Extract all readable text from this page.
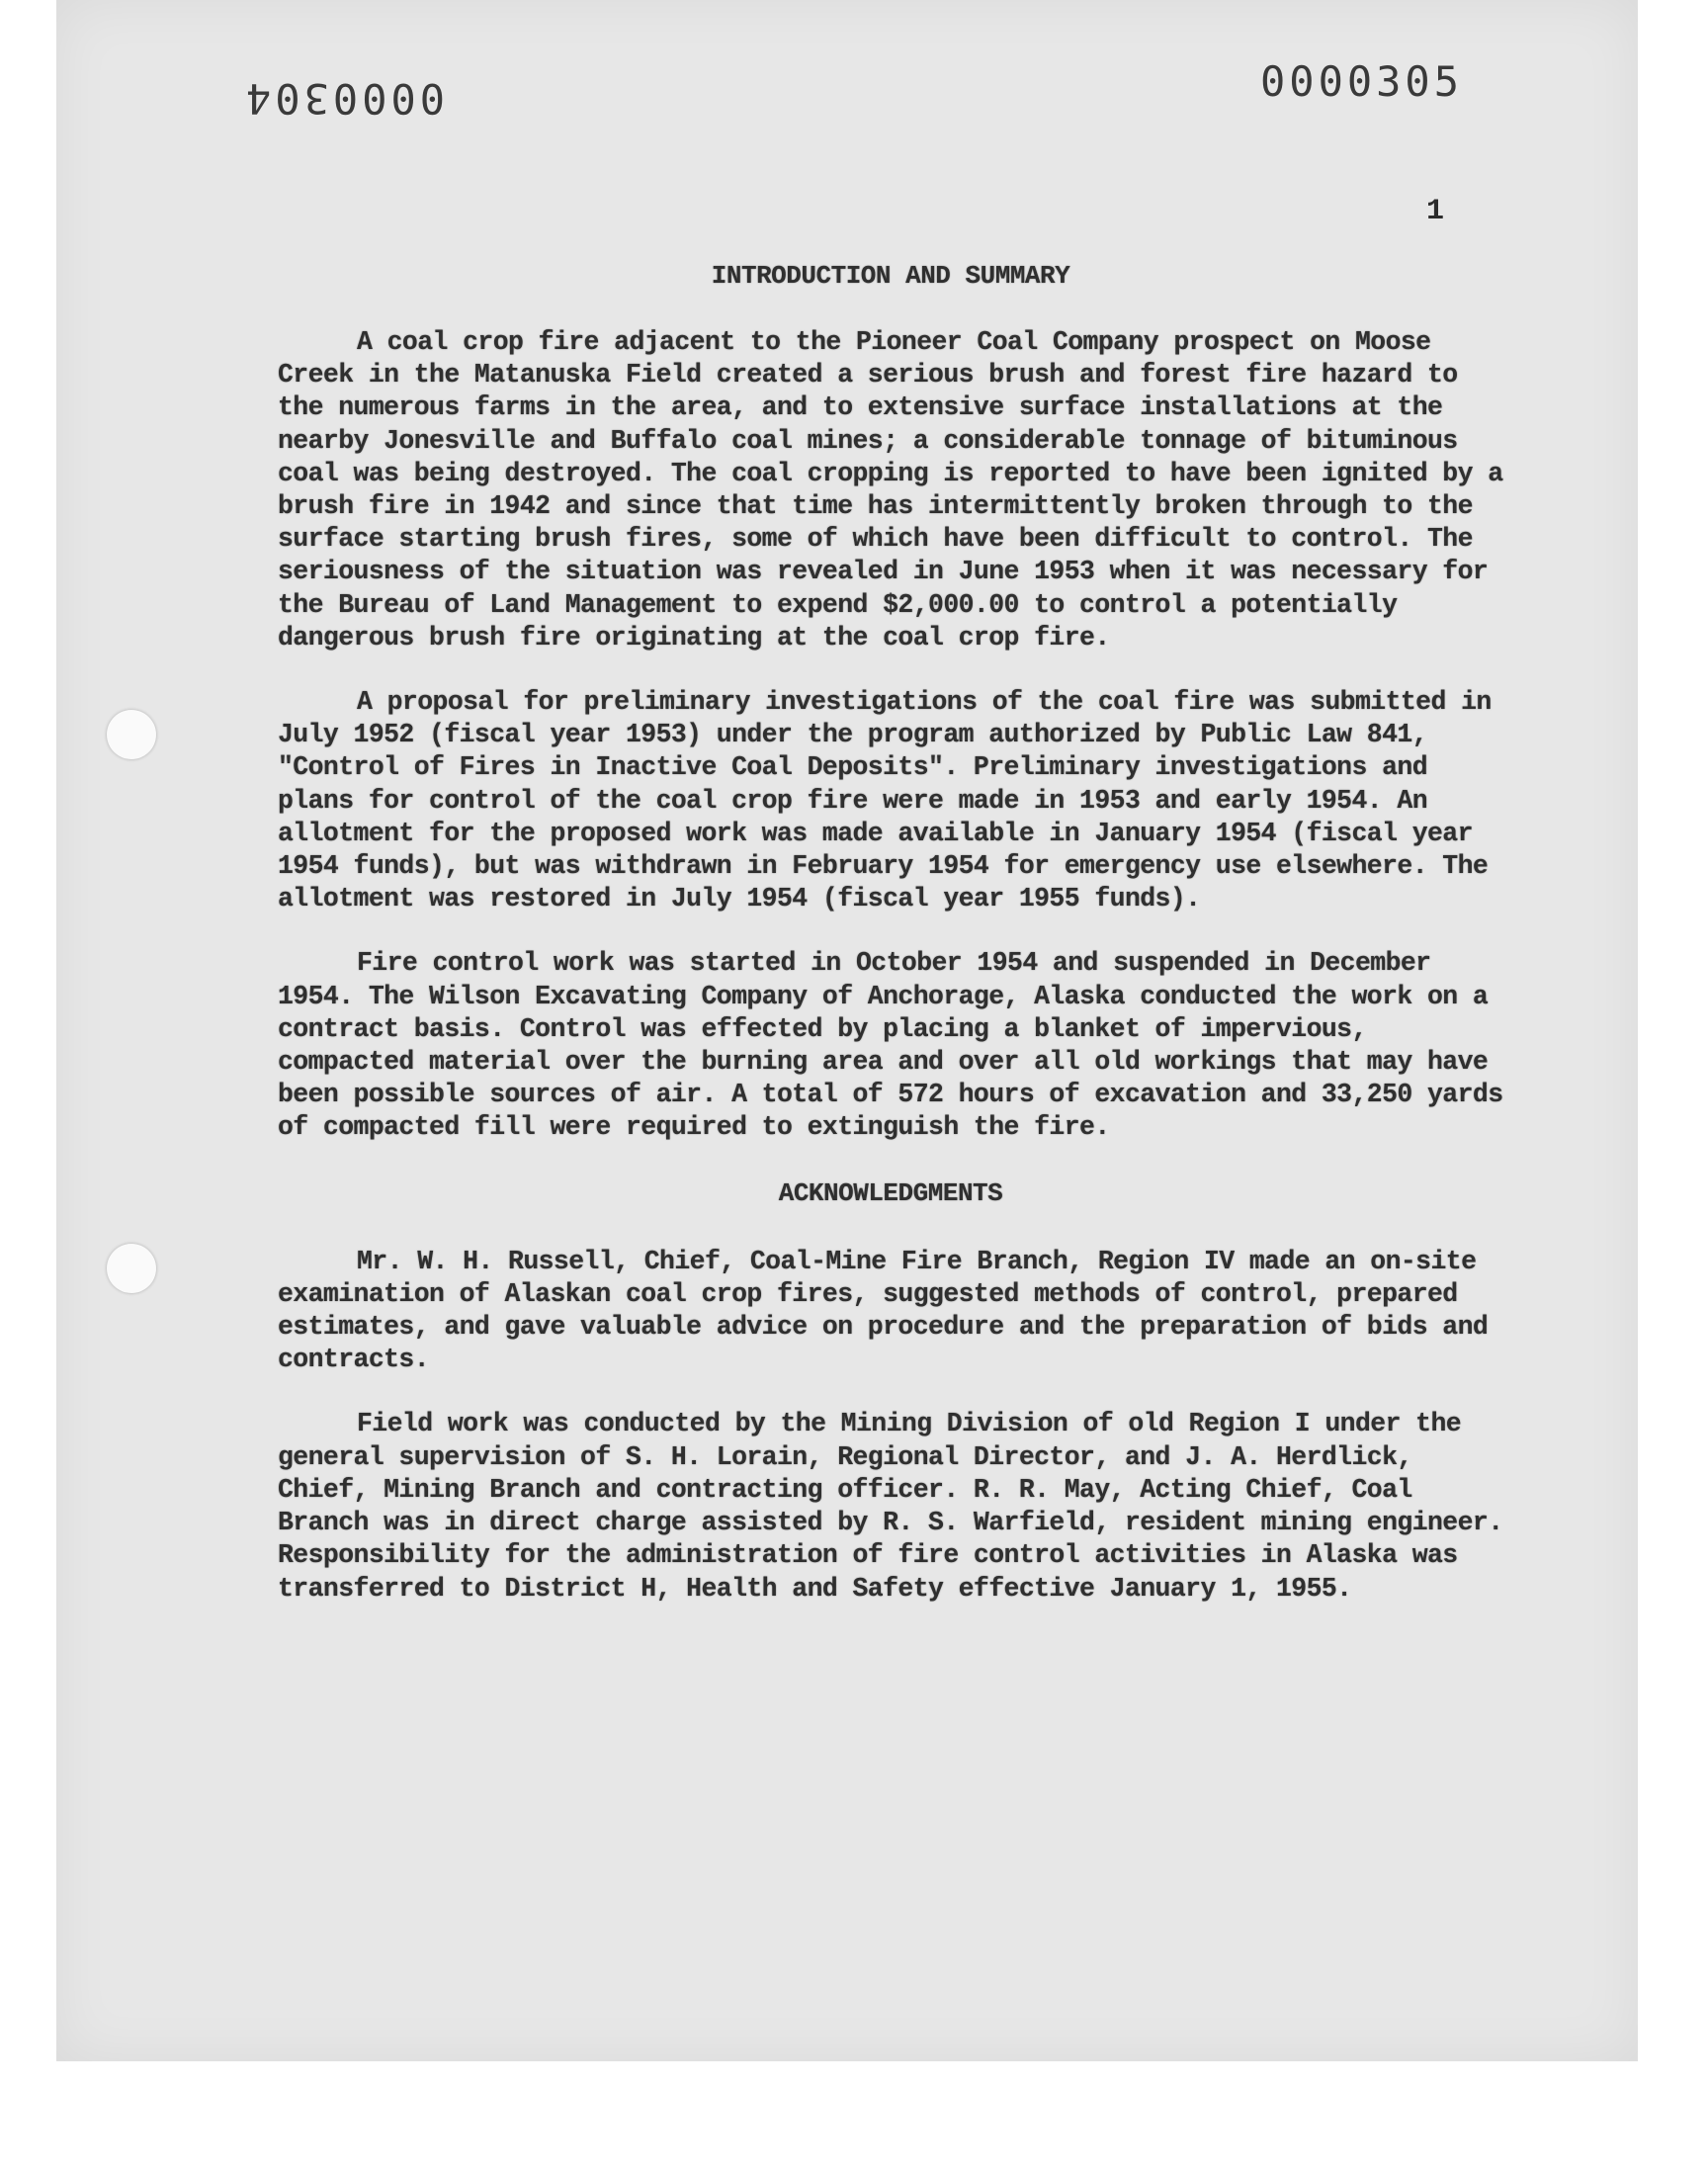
0000304	0000305
1
INTRODUCTION AND SUMMARY

A coal crop fire adjacent to the Pioneer Coal Company prospect on Moose Creek in the Matanuska Field created a serious brush and forest fire hazard to the numerous farms in the area, and to extensive surface installations at the nearby Jonesville and Buffalo coal mines; a considerable tonnage of bituminous coal was being destroyed. The coal cropping is reported to have been ignited by a brush fire in 1942 and since that time has intermittently broken through to the surface starting brush fires, some of which have been difficult to control. The seriousness of the situation was revealed in June 1953 when it was necessary for the Bureau of Land Management to expend $2,000.00 to control a potentially dangerous brush fire originating at the coal crop fire.

A proposal for preliminary investigations of the coal fire was submitted in July 1952 (fiscal year 1953) under the program authorized by Public Law 841, "Control of Fires in Inactive Coal Deposits". Preliminary investigations and plans for control of the coal crop fire were made in 1953 and early 1954. An allotment for the proposed work was made available in January 1954 (fiscal year 1954 funds), but was withdrawn in February 1954 for emergency use elsewhere. The allotment was restored in July 1954 (fiscal year 1955 funds).

Fire control work was started in October 1954 and suspended in December 1954. The Wilson Excavating Company of Anchorage, Alaska conducted the work on a contract basis. Control was effected by placing a blanket of impervious, compacted material over the burning area and over all old workings that may have been possible sources of air. A total of 572 hours of excavation and 33,250 yards of compacted fill were required to extinguish the fire.

ACKNOWLEDGMENTS

Mr. W. H. Russell, Chief, Coal-Mine Fire Branch, Region IV made an on-site examination of Alaskan coal crop fires, suggested methods of control, prepared estimates, and gave valuable advice on procedure and the preparation of bids and contracts.

Field work was conducted by the Mining Division of old Region I under the general supervision of S. H. Lorain, Regional Director, and J. A. Herdlick, Chief, Mining Branch and contracting officer. R. R. May, Acting Chief, Coal Branch was in direct charge assisted by R. S. Warfield, resident mining engineer. Responsibility for the administration of fire control activities in Alaska was transferred to District H, Health and Safety effective January 1, 1955.
